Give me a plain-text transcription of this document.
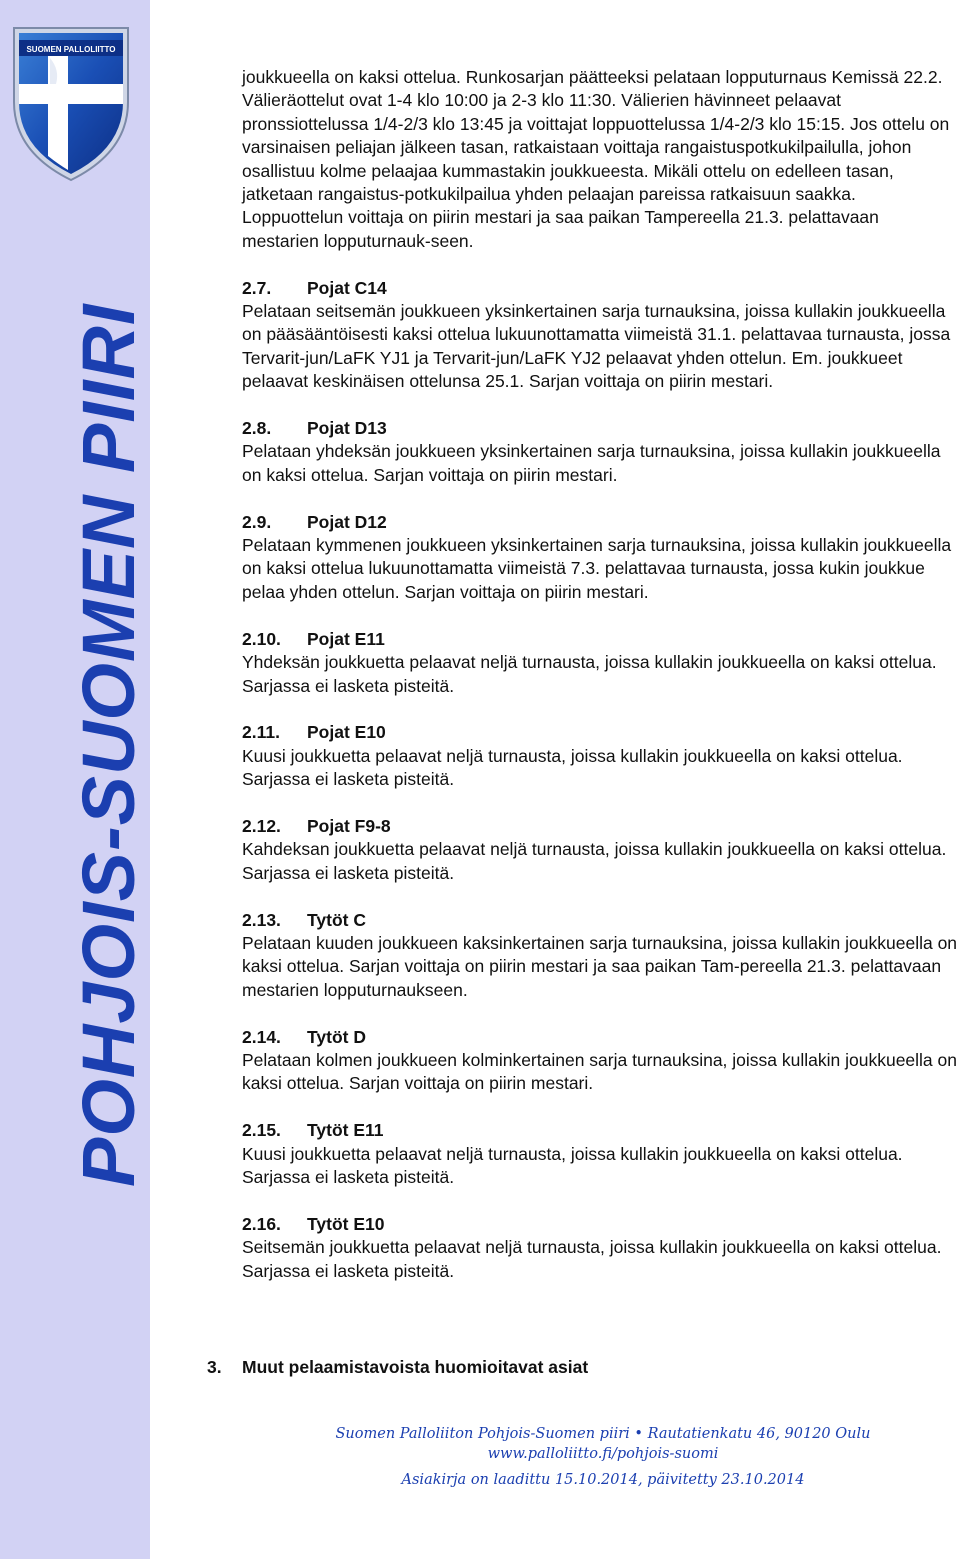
SUOMEN PALLOLIITTO
POHJOIS-SUOMEN PIIRI

joukkueella on kaksi ottelua. Runkosarjan päätteeksi pelataan lopputurnaus Kemissä 22.2. Välieräottelut ovat 1-4 klo 10:00 ja 2-3 klo 11:30. Välierien hävinneet pelaavat pronssiottelussa 1/4-2/3 klo 13:45 ja voittajat loppuottelussa 1/4-2/3 klo 15:15. Jos ottelu on varsinaisen peliajan jälkeen tasan, ratkaistaan voittaja rangaistuspotkukilpailulla, johon osallistuu kolme pelaajaa kummastakin joukkueesta. Mikäli ottelu on edelleen tasan, jatketaan rangaistus-potkukilpailua yhden pelaajan pareissa ratkaisuun saakka. Loppuottelun voittaja on piirin mestari ja saa paikan Tampereella 21.3. pelattavaan mestarien lopputurnauk-seen.

2.7. Pojat C14

Pelataan seitsemän joukkueen yksinkertainen sarja turnauksina, joissa kullakin joukkueella on pääsääntöisesti kaksi ottelua lukuunottamatta viimeistä 31.1. pelattavaa turnausta, jossa Tervarit-jun/LaFK YJ1 ja Tervarit-jun/LaFK YJ2 pelaavat yhden ottelun. Em. joukkueet pelaavat keskinäisen ottelunsa 25.1. Sarjan voittaja on piirin mestari.

2.8. Pojat D13

Pelataan yhdeksän joukkueen yksinkertainen sarja turnauksina, joissa kullakin joukkueella on kaksi ottelua. Sarjan voittaja on piirin mestari.

2.9. Pojat D12

Pelataan kymmenen joukkueen yksinkertainen sarja turnauksina, joissa kullakin joukkueella on kaksi ottelua lukuunottamatta viimeistä 7.3. pelattavaa turnausta, jossa kukin joukkue pelaa yhden ottelun. Sarjan voittaja on piirin mestari.

2.10. Pojat E11

Yhdeksän joukkuetta pelaavat neljä turnausta, joissa kullakin joukkueella on kaksi ottelua. Sarjassa ei lasketa pisteitä.

2.11. Pojat E10

Kuusi joukkuetta pelaavat neljä turnausta, joissa kullakin joukkueella on kaksi ottelua. Sarjassa ei lasketa pisteitä.

2.12. Pojat F9-8

Kahdeksan joukkuetta pelaavat neljä turnausta, joissa kullakin joukkueella on kaksi ottelua. Sarjassa ei lasketa pisteitä.

2.13. Tytöt C

Pelataan kuuden joukkueen kaksinkertainen sarja turnauksina, joissa kullakin joukkueella on kaksi ottelua. Sarjan voittaja on piirin mestari ja saa paikan Tam-pereella 21.3. pelattavaan mestarien lopputurnaukseen.

2.14. Tytöt D

Pelataan kolmen joukkueen kolminkertainen sarja turnauksina, joissa kullakin joukkueella on kaksi ottelua. Sarjan voittaja on piirin mestari.

2.15. Tytöt E11

Kuusi joukkuetta pelaavat neljä turnausta, joissa kullakin joukkueella on kaksi ottelua. Sarjassa ei lasketa pisteitä.

2.16. Tytöt E10

Seitsemän joukkuetta pelaavat neljä turnausta, joissa kullakin joukkueella on kaksi ottelua. Sarjassa ei lasketa pisteitä.

3. Muut pelaamistavoista huomioitavat asiat
Suomen Palloliiton Pohjois-Suomen piiri • Rautatienkatu 46, 90120 Oulu
www.palloliitto.fi/pohjois-suomi
Asiakirja on laadittu 15.10.2014, päivitetty 23.10.2014
